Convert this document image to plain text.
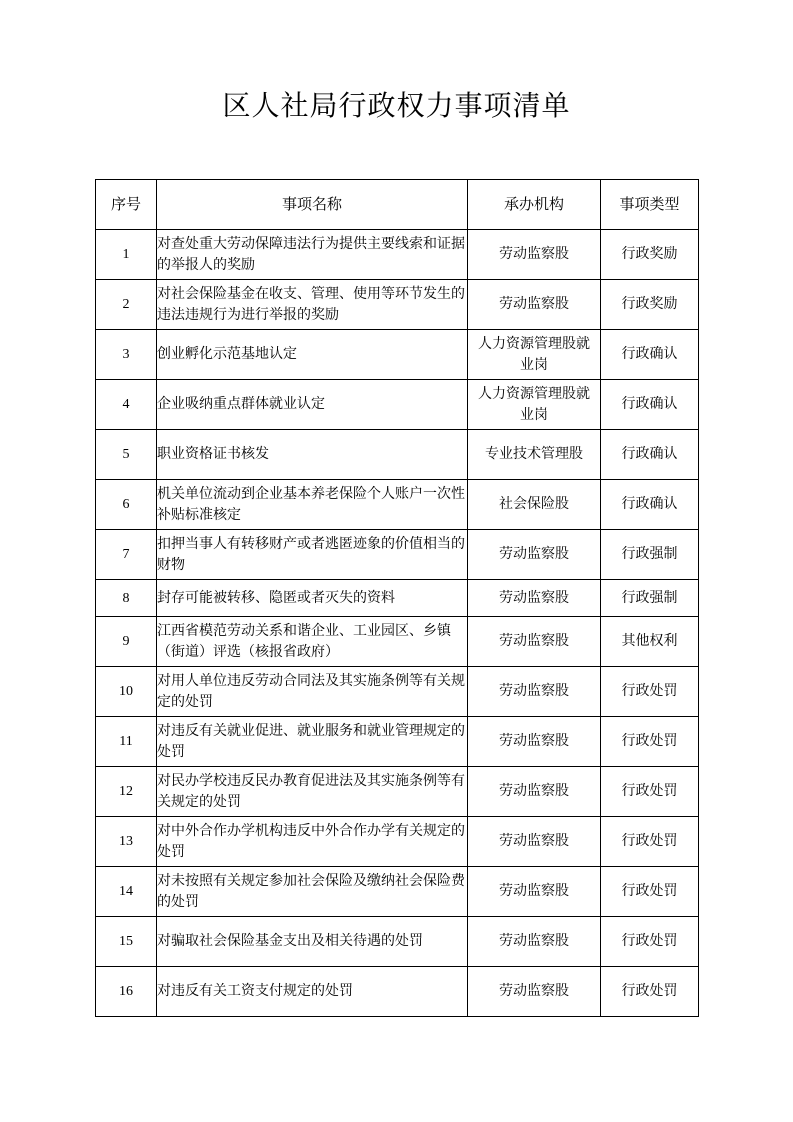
区人社局行政权力事项清单
序号	事项名称	承办机构	事项类型
1	对查处重大劳动保障违法行为提供主要线索和证据的举报人的奖励	劳动监察股	行政奖励
2	对社会保险基金在收支、管理、使用等环节发生的违法违规行为进行举报的奖励	劳动监察股	行政奖励
3	创业孵化示范基地认定	人力资源管理股就业岗	行政确认
4	企业吸纳重点群体就业认定	人力资源管理股就业岗	行政确认
5	职业资格证书核发	专业技术管理股	行政确认
6	机关单位流动到企业基本养老保险个人账户一次性补贴标准核定	社会保险股	行政确认
7	扣押当事人有转移财产或者逃匿迹象的价值相当的财物	劳动监察股	行政强制
8	封存可能被转移、隐匿或者灭失的资料	劳动监察股	行政强制
9	江西省模范劳动关系和谐企业、工业园区、乡镇（街道）评选（核报省政府）	劳动监察股	其他权利
10	对用人单位违反劳动合同法及其实施条例等有关规定的处罚	劳动监察股	行政处罚
11	对违反有关就业促进、就业服务和就业管理规定的处罚	劳动监察股	行政处罚
12	对民办学校违反民办教育促进法及其实施条例等有关规定的处罚	劳动监察股	行政处罚
13	对中外合作办学机构违反中外合作办学有关规定的处罚	劳动监察股	行政处罚
14	对未按照有关规定参加社会保险及缴纳社会保险费的处罚	劳动监察股	行政处罚
15	对骗取社会保险基金支出及相关待遇的处罚	劳动监察股	行政处罚
16	对违反有关工资支付规定的处罚	劳动监察股	行政处罚
